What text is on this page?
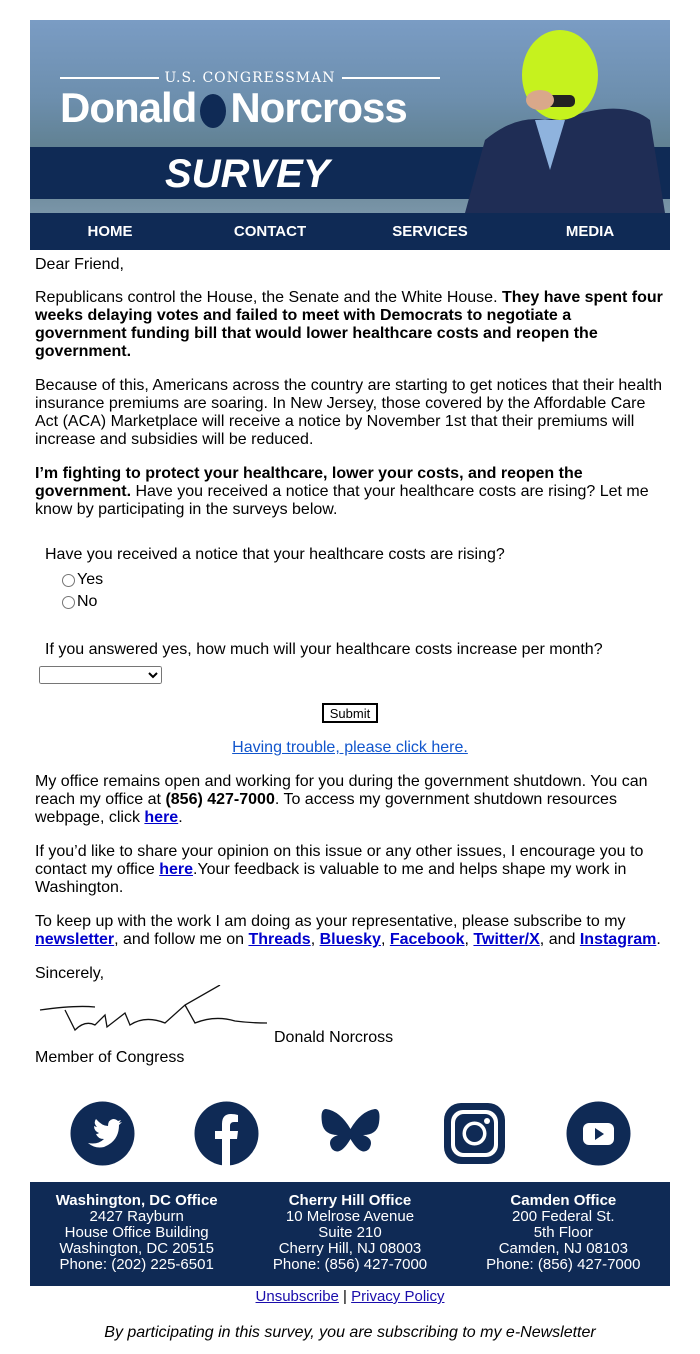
U.S. CONGRESSMAN
Donald Norcross
SURVEY
HOME	CONTACT	SERVICES	MEDIA

Dear Friend,

Republicans control the House, the Senate and the White House. They have spent four weeks delaying votes and failed to meet with Democrats to negotiate a government funding bill that would lower healthcare costs and reopen the government.

Because of this, Americans across the country are starting to get notices that their health insurance premiums are soaring. In New Jersey, those covered by the Affordable Care Act (ACA) Marketplace will receive a notice by November 1st that their premiums will increase and subsidies will be reduced.

I’m fighting to protect your healthcare, lower your costs, and reopen the government. Have you received a notice that your healthcare costs are rising? Let me know by participating in the surveys below.

Have you received a notice that your healthcare costs are rising?

Yes
No

If you answered yes, how much will your healthcare costs increase per month?

Submit

Having trouble, please click here.

My office remains open and working for you during the government shutdown. You can reach my office at (856) 427-7000. To access my government shutdown resources webpage, click here.

If you’d like to share your opinion on this issue or any other issues, I encourage you to contact my office here.Your feedback is valuable to me and helps shape my work in Washington.

To keep up with the work I am doing as your representative, please subscribe to my newsletter, and follow me on Threads, Bluesky, Facebook, Twitter/X, and Instagram.

Sincerely,

Donald Norcross

Member of Congress

Washington, DC Office
2427 Rayburn
House Office Building
Washington, DC 20515
Phone: (202) 225-6501
Cherry Hill Office
10 Melrose Avenue
Suite 210
Cherry Hill, NJ 08003
Phone: (856) 427-7000
Camden Office
200 Federal St.
5th Floor
Camden, NJ 08103
Phone: (856) 427-7000
Unsubscribe | Privacy Policy

By participating in this survey, you are subscribing to my e-Newsletter
